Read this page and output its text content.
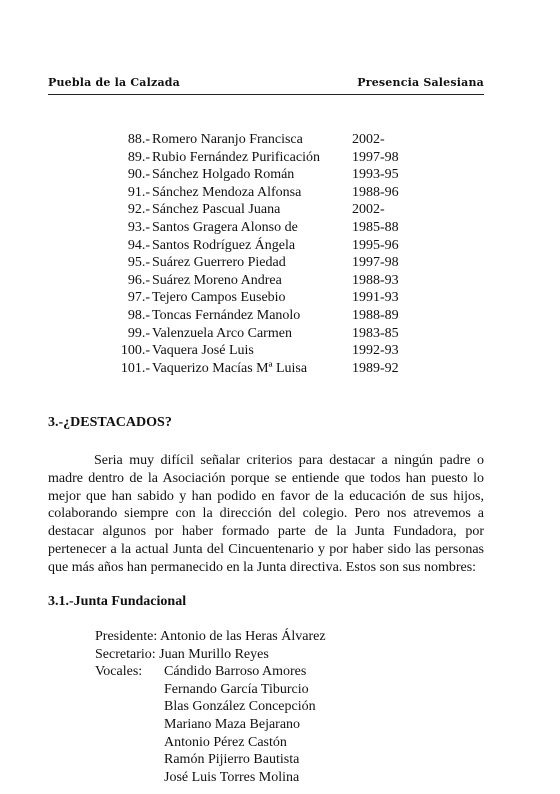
Puebla de la Calzada	Presencia Salesiana
88.- Romero Naranjo Francisca	2002-
89.- Rubio Fernández Purificación 1997-98
90.- Sánchez Holgado Román	1993-95
91.- Sánchez Mendoza Alfonsa	1988-96
92.- Sánchez Pascual Juana	2002-
93.- Santos Gragera Alonso de	1985-88
94.- Santos Rodríguez Ángela	1995-96
95.- Suárez Guerrero Piedad	1997-98
96.- Suárez Moreno Andrea	1988-93
97.- Tejero Campos Eusebio	1991-93
98.- Toncas Fernández Manolo	1988-89
99.- Valenzuela Arco Carmen	1983-85
100.- Vaquera José Luis	1992-93
101.- Vaquerizo Macías Mª Luisa	1989-92
3.-¿DESTACADOS?

Seria muy difícil señalar criterios para destacar a ningún padre o madre dentro de la Asociación porque se entiende que todos han puesto lo mejor que han sabido y han podido en favor de la educación de sus hijos, colaborando siempre con la dirección del colegio. Pero nos atrevemos a destacar algunos por haber formado parte de la Junta Fundadora, por pertenecer a la actual Junta del Cincuentenario y por haber sido las personas que más años han permanecido en la Junta directiva. Estos son sus nombres:

3.1.-Junta Fundacional
Presidente: Antonio de las Heras Álvarez
Secretario: Juan Murillo Reyes
Vocales: Cándido Barroso Amores
Fernando García Tiburcio
Blas González Concepción
Mariano Maza Bejarano
Antonio Pérez Castón
Ramón Pijierro Bautista
José Luis Torres Molina
